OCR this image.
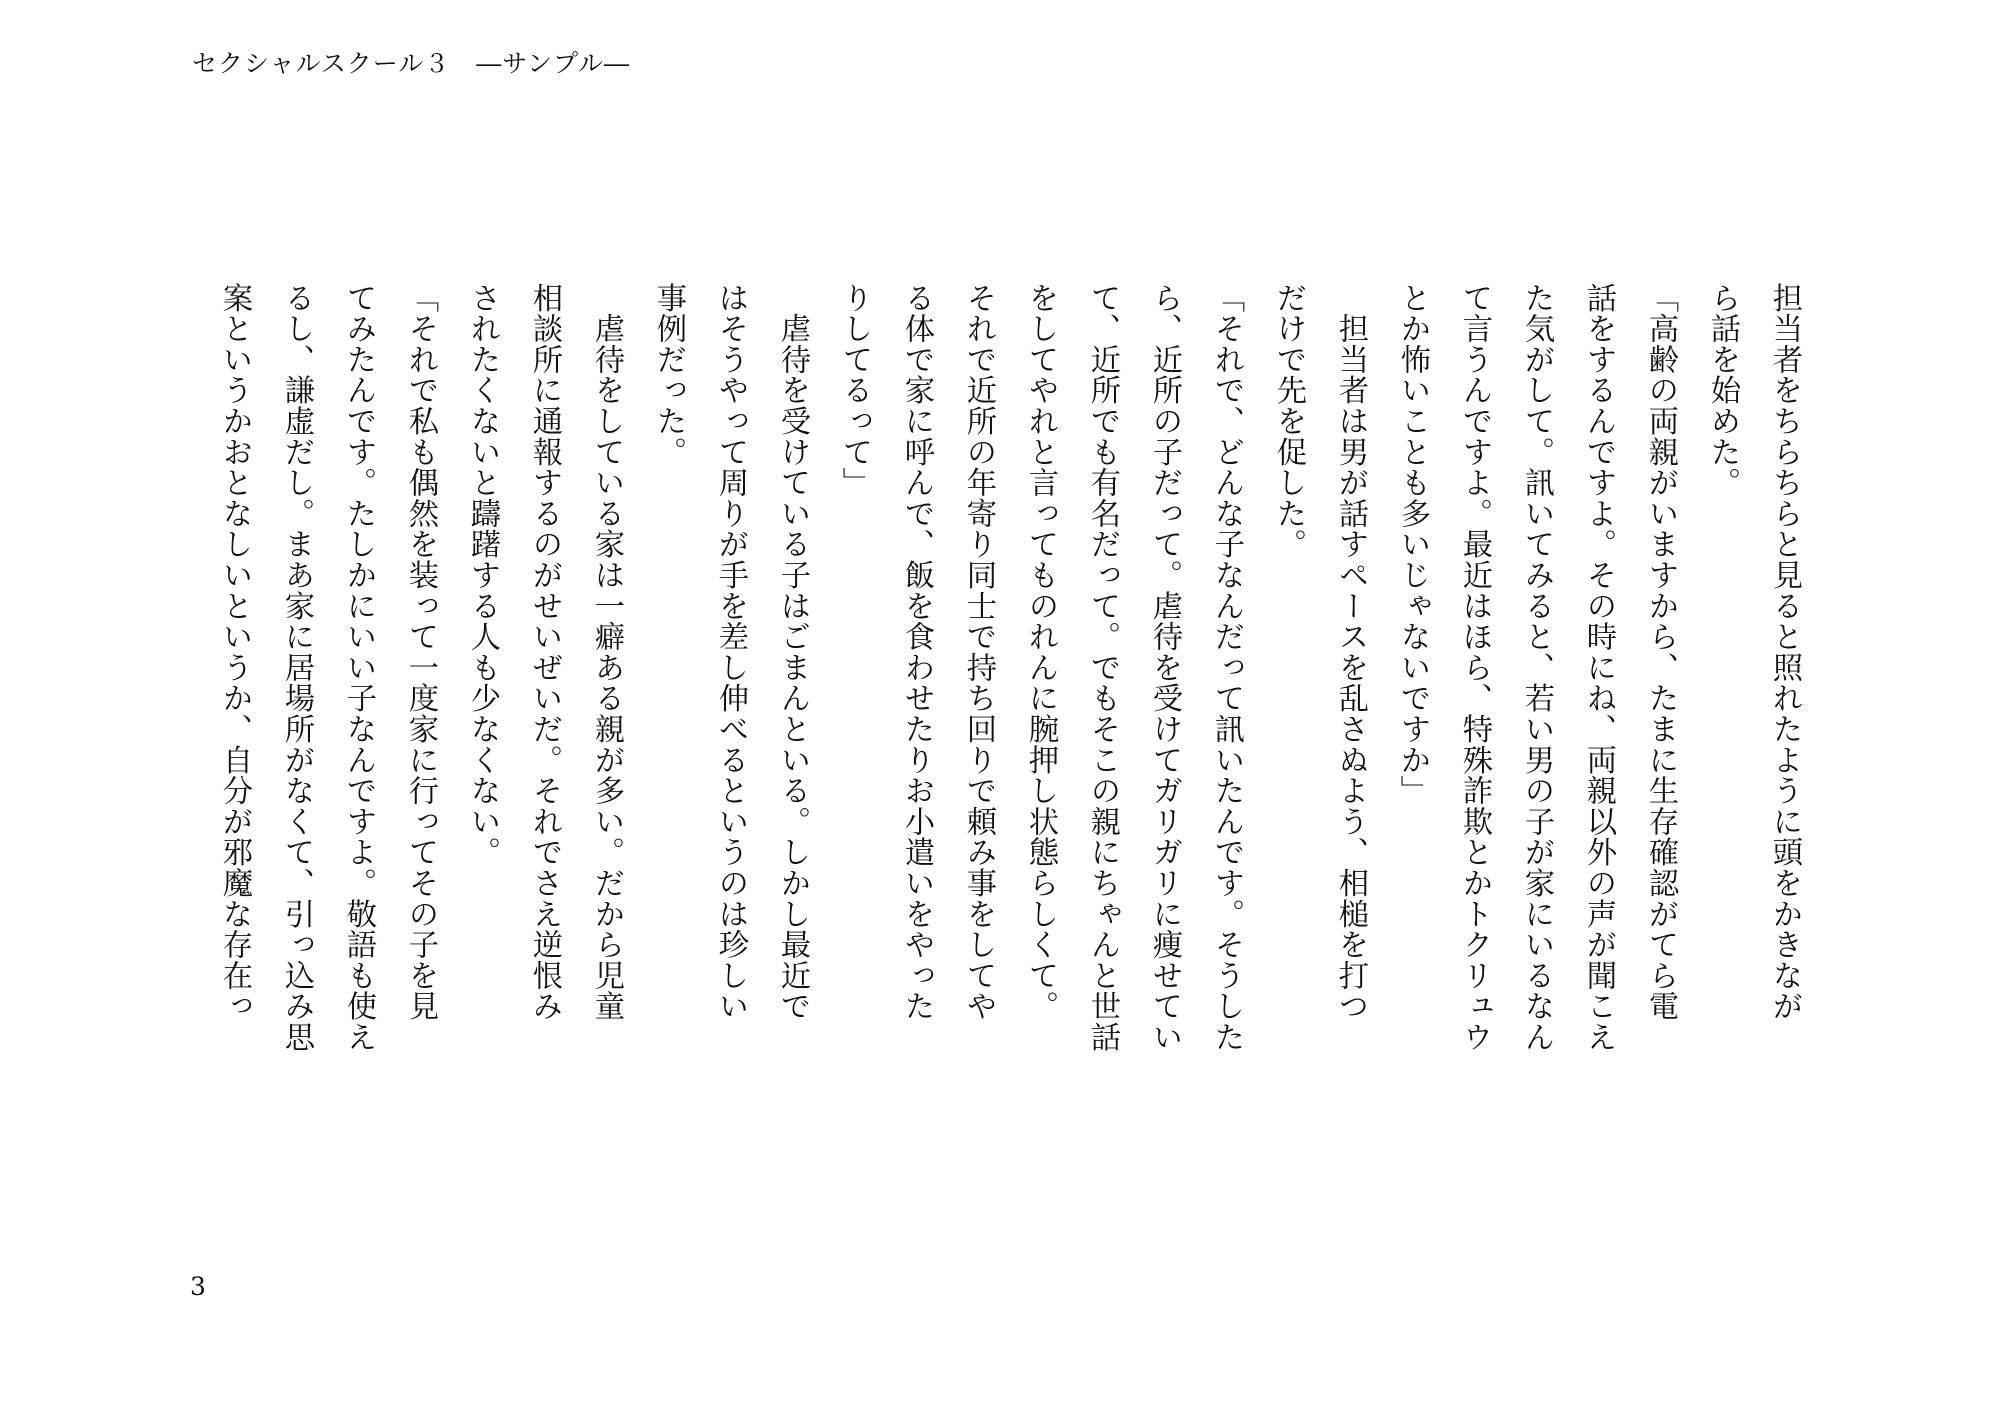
セクシャルスクール３　―サンプル―

担当者をちらちらと見ると照れたように頭をかきなが

ら話を始めた。

「高齢の両親がいますから、たまに生存確認がてら電

話をするんですよ。その時にね、両親以外の声が聞こえ

た気がして。訊いてみると、若い男の子が家にいるなん

て言うんですよ。最近はほら、特殊詐欺とかトクリュウ

とか怖いことも多いじゃないですか」

　担当者は男が話すペースを乱さぬよう、相槌を打つ

だけで先を促した。

「それで、どんな子なんだって訊いたんです。そうした

ら、近所の子だって。虐待を受けてガリガリに痩せてい

て、近所でも有名だって。でもそこの親にちゃんと世話

をしてやれと言ってものれんに腕押し状態らしくて。

それで近所の年寄り同士で持ち回りで頼み事をしてや

る体で家に呼んで、飯を食わせたりお小遣いをやった

りしてるって」

　虐待を受けている子はごまんといる。しかし最近で

はそうやって周りが手を差し伸べるというのは珍しい

事例だった。

　虐待をしている家は一癖ある親が多い。だから児童

相談所に通報するのがせいぜいだ。それでさえ逆恨み

されたくないと躊躇する人も少なくない。

「それで私も偶然を装って一度家に行ってその子を見

てみたんです。たしかにいい子なんですよ。敬語も使え

るし、謙虚だし。まあ家に居場所がなくて、引っ込み思

案というかおとなしいというか、自分が邪魔な存在っ

3
